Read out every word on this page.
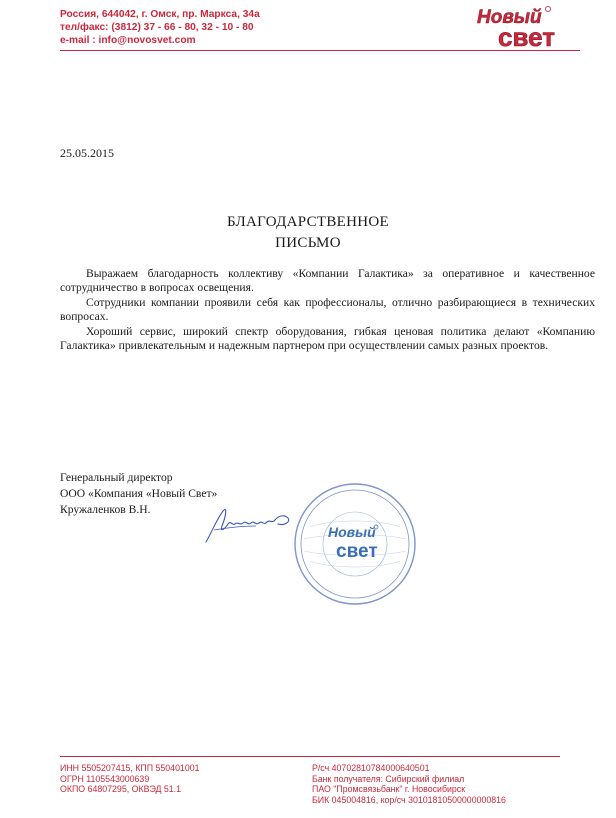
Россия, 644042, г. Омск, пр. Маркса, 34а
тел/факс: (3812) 37 - 66 - 80, 32 - 10 - 80
e-mail : info@novosvet.com
Новый
свет
25.05.2015
БЛАГОДАРСТВЕННОЕ
ПИСЬМО

Выражаем благодарность коллективу «Компании Галактика» за оперативное и качественное сотрудничество в вопросах освещения.

Сотрудники компании проявили себя как профессионалы, отлично разбирающиеся в технических вопросах.

Хороший сервис, широкий спектр оборудования, гибкая ценовая политика делают «Компанию Галактика» привлекательным и надежным партнером при осуществлении самых разных проектов.

Генеральный директор
ООО «Компания «Новый Свет»
Кружаленков В.Н.
Новый
свет
ИНН 5505207415, КПП 550401001
ОГРН 1105543000639
ОКПО 64807295, ОКВЭД 51.1
Р/сч 40702810784000640501
Банк получателя: Сибирский филиал
ПАО "Промсвязьбанк" г. Новосибирск
БИК 045004816, кор/сч 30101810500000000816
